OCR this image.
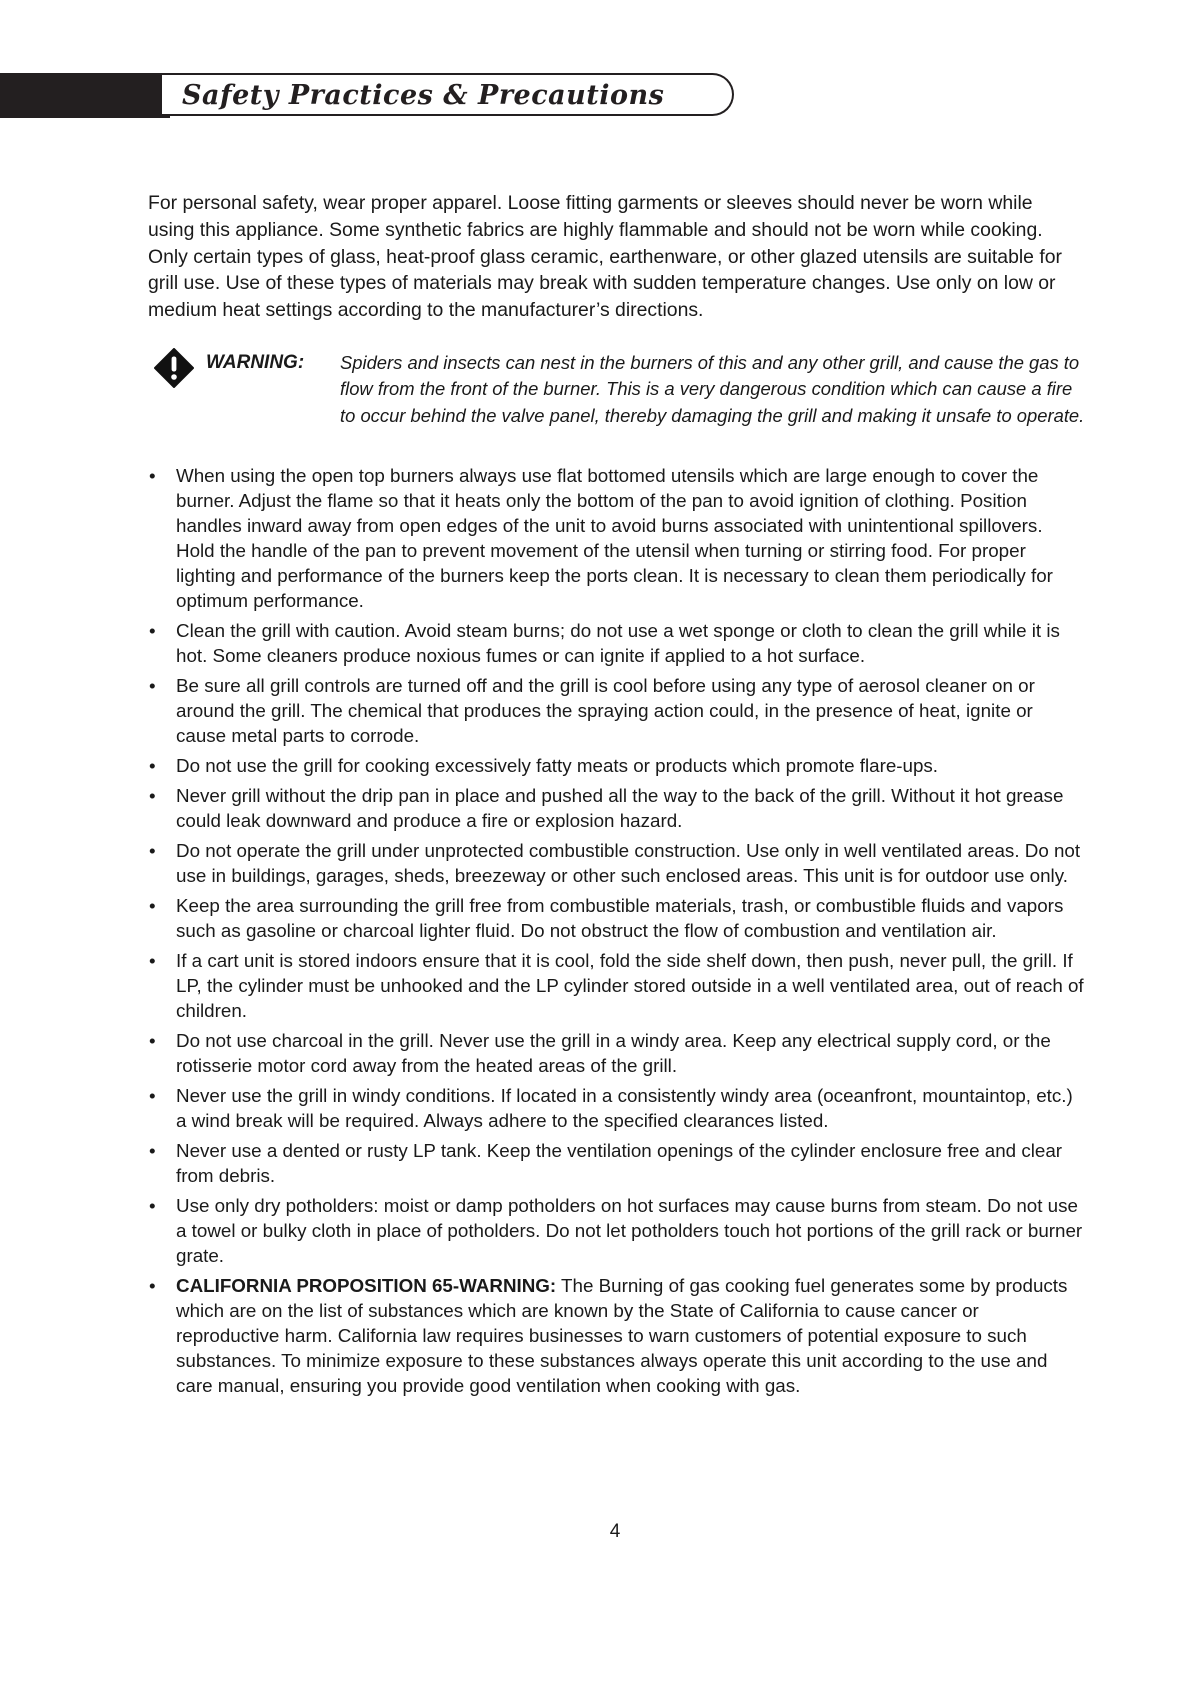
Safety Practices & Precautions

For personal safety, wear proper apparel. Loose fitting garments or sleeves should never be worn while using this appliance. Some synthetic fabrics are highly flammable and should not be worn while cooking. Only certain types of glass, heat-proof glass ceramic, earthenware, or other glazed utensils are suitable for grill use. Use of these types of materials may break with sudden temperature changes. Use only on low or medium heat settings according to the manufacturer’s directions.

WARNING: Spiders and insects can nest in the burners of this and any other grill, and cause the gas to flow from the front of the burner. This is a very dangerous condition which can cause a fire to occur behind the valve panel, thereby damaging the grill and making it unsafe to operate.

• When using the open top burners always use flat bottomed utensils which are large enough to cover the burner. Adjust the flame so that it heats only the bottom of the pan to avoid ignition of clothing. Position handles inward away from open edges of the unit to avoid burns associated with unintentional spillovers. Hold the handle of the pan to prevent movement of the utensil when turning or stirring food. For proper lighting and performance of the burners keep the ports clean. It is necessary to clean them periodically for optimum performance.
• Clean the grill with caution. Avoid steam burns; do not use a wet sponge or cloth to clean the grill while it is hot. Some cleaners produce noxious fumes or can ignite if applied to a hot surface.
• Be sure all grill controls are turned off and the grill is cool before using any type of aerosol cleaner on or around the grill. The chemical that produces the spraying action could, in the presence of heat, ignite or cause metal parts to corrode.
• Do not use the grill for cooking excessively fatty meats or products which promote flare-ups.
• Never grill without the drip pan in place and pushed all the way to the back of the grill. Without it hot grease could leak downward and produce a fire or explosion hazard.
• Do not operate the grill under unprotected combustible construction. Use only in well ventilated areas. Do not use in buildings, garages, sheds, breezeway or other such enclosed areas. This unit is for outdoor use only.
• Keep the area surrounding the grill free from combustible materials, trash, or combustible fluids and vapors such as gasoline or charcoal lighter fluid. Do not obstruct the flow of combustion and ventilation air.
• If a cart unit is stored indoors ensure that it is cool, fold the side shelf down, then push, never pull, the grill. If LP, the cylinder must be unhooked and the LP cylinder stored outside in a well ventilated area, out of reach of children.
• Do not use charcoal in the grill. Never use the grill in a windy area. Keep any electrical supply cord, or the rotisserie motor cord away from the heated areas of the grill.
• Never use the grill in windy conditions. If located in a consistently windy area (oceanfront, mountaintop, etc.) a wind break will be required. Always adhere to the specified clearances listed.
• Never use a dented or rusty LP tank. Keep the ventilation openings of the cylinder enclosure free and clear from debris.
• Use only dry potholders: moist or damp potholders on hot surfaces may cause burns from steam. Do not use a towel or bulky cloth in place of potholders. Do not let potholders touch hot portions of the grill rack or burner grate.
• CALIFORNIA PROPOSITION 65-WARNING: The Burning of gas cooking fuel generates some by products which are on the list of substances which are known by the State of California to cause cancer or reproductive harm. California law requires businesses to warn customers of potential exposure to such substances. To minimize exposure to these substances always operate this unit according to the use and care manual, ensuring you provide good ventilation when cooking with gas.
4
